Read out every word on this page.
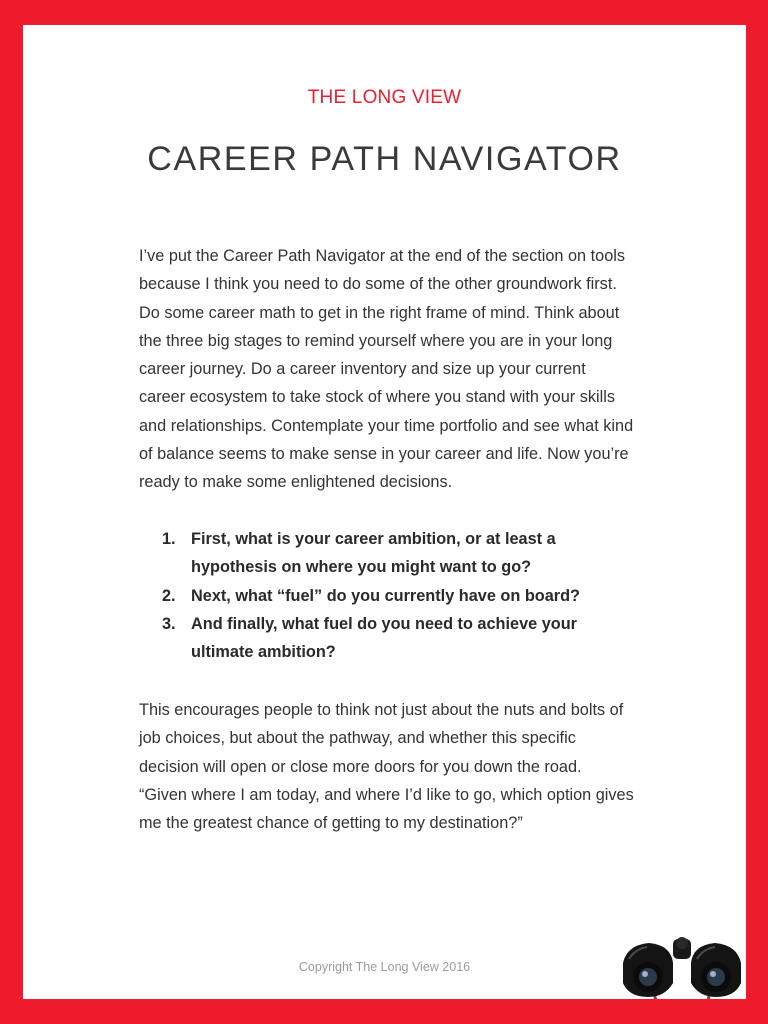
THE LONG VIEW
CAREER PATH NAVIGATOR

I’ve put the Career Path Navigator at the end of the section on tools because I think you need to do some of the other groundwork first. Do some career math to get in the right frame of mind. Think about the three big stages to remind yourself where you are in your long career journey. Do a career inventory and size up your current career ecosystem to take stock of where you stand with your skills and relationships. Contemplate your time portfolio and see what kind of balance seems to make sense in your career and life. Now you’re ready to make some enlightened decisions.

1. First, what is your career ambition, or at least a hypothesis on where you might want to go?
2. Next, what “fuel” do you currently have on board?
3. And finally, what fuel do you need to achieve your ultimate ambition?

This encourages people to think not just about the nuts and bolts of job choices, but about the pathway, and whether this specific decision will open or close more doors for you down the road. “Given where I am today, and where I’d like to go, which option gives me the greatest chance of getting to my destination?”

Copyright The Long View 2016
